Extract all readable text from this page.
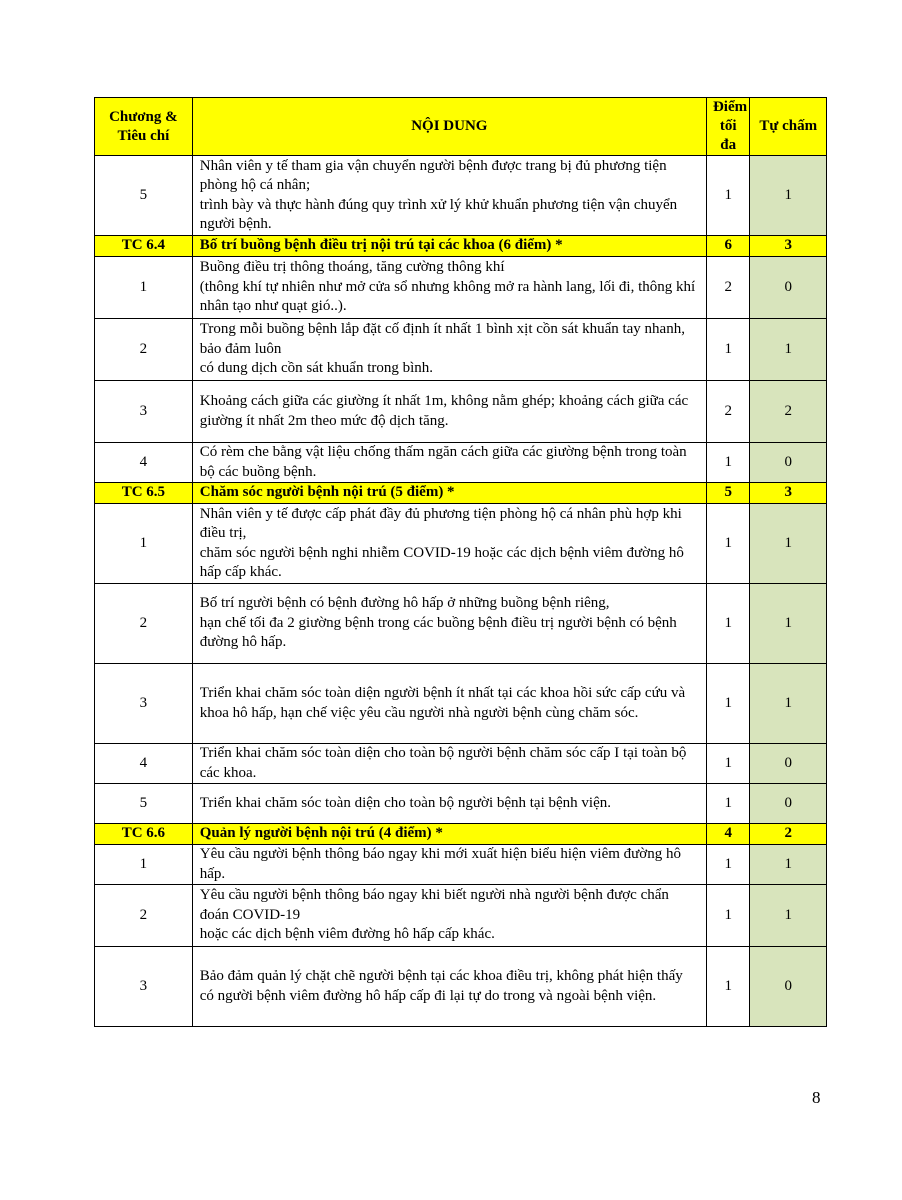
Chương & Tiêu chí	NỘI DUNG	Điểm tối đa	Tự chấm
5	Nhân viên y tế tham gia vận chuyển người bệnh được trang bị đủ phương tiện phòng hộ cá nhân;
trình bày và thực hành đúng quy trình xử lý khử khuẩn phương tiện vận chuyển người bệnh.	1	1
TC 6.4	Bố trí buồng bệnh điều trị nội trú tại các khoa (6 điểm) *	6	3
1	Buồng điều trị thông thoáng, tăng cường thông khí
(thông khí tự nhiên như mở cửa sổ nhưng không mở ra hành lang, lối đi, thông khí nhân tạo như quạt gió..).	2	0
2	Trong mỗi buồng bệnh lắp đặt cố định ít nhất 1 bình xịt cồn sát khuẩn tay nhanh, bảo đảm luôn
có dung dịch cồn sát khuẩn trong bình.	1	1
3	Khoảng cách giữa các giường ít nhất 1m, không nằm ghép; khoảng cách giữa các
giường ít nhất 2m theo mức độ dịch tăng.	2	2
4	Có rèm che bằng vật liệu chống thấm ngăn cách giữa các giường bệnh trong toàn bộ các buồng bệnh.	1	0
TC 6.5	Chăm sóc người bệnh nội trú (5 điểm) *	5	3
1	Nhân viên y tế được cấp phát đầy đủ phương tiện phòng hộ cá nhân phù hợp khi điều trị,
chăm sóc người bệnh nghi nhiễm COVID-19 hoặc các dịch bệnh viêm đường hô hấp cấp khác.	1	1
2	Bố trí người bệnh có bệnh đường hô hấp ở những buồng bệnh riêng,
hạn chế tối đa 2 giường bệnh trong các buồng bệnh điều trị người bệnh có bệnh đường hô hấp.	1	1
3	Triển khai chăm sóc toàn diện người bệnh ít nhất tại các khoa hồi sức cấp cứu và
khoa hô hấp, hạn chế việc yêu cầu người nhà người bệnh cùng chăm sóc.	1	1
4	Triển khai chăm sóc toàn diện cho toàn bộ người bệnh chăm sóc cấp I tại toàn bộ các khoa.	1	0
5	Triển khai chăm sóc toàn diện cho toàn bộ người bệnh tại bệnh viện.	1	0
TC 6.6	Quản lý người bệnh nội trú (4 điểm) *	4	2
1	Yêu cầu người bệnh thông báo ngay khi mới xuất hiện biểu hiện viêm đường hô hấp.	1	1
2	Yêu cầu người bệnh thông báo ngay khi biết người nhà người bệnh được chẩn đoán COVID-19
hoặc các dịch bệnh viêm đường hô hấp cấp khác.	1	1
3	Bảo đảm quản lý chặt chẽ người bệnh tại các khoa điều trị, không phát hiện thấy
có người bệnh viêm đường hô hấp cấp đi lại tự do trong và ngoài bệnh viện.	1	0
8
